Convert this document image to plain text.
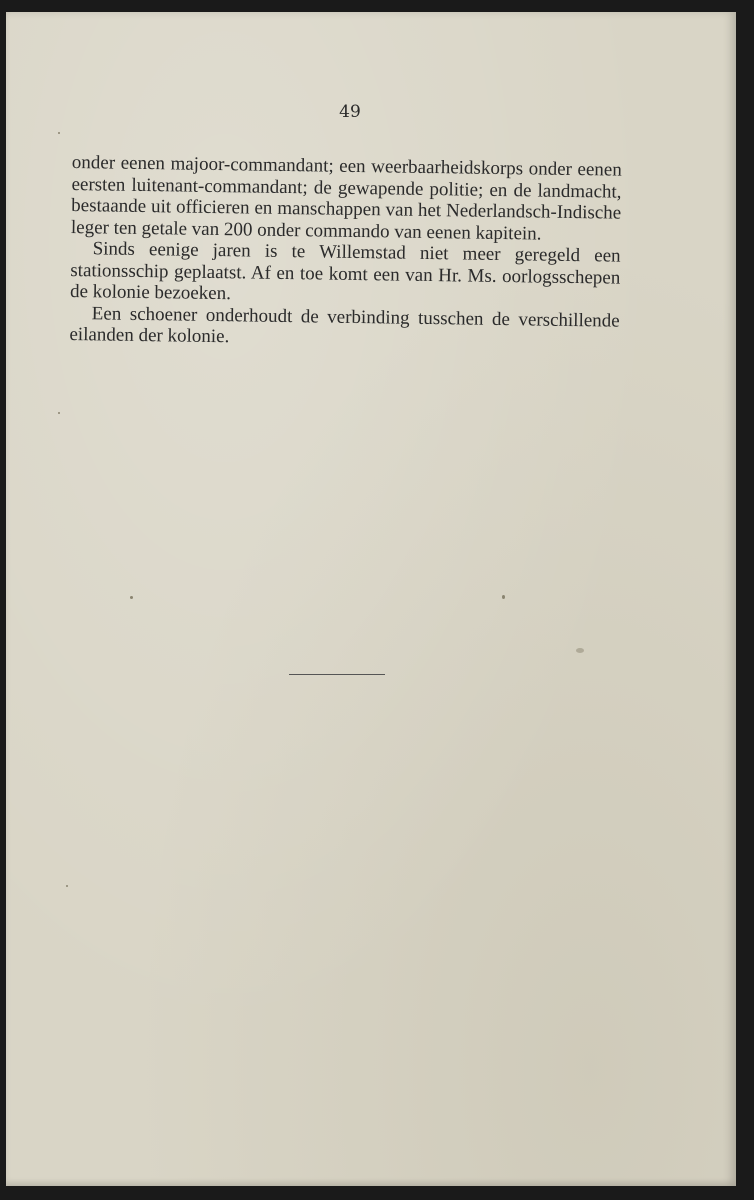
49

onder eenen majoor-commandant; een weerbaarheidskorps onder eenen eersten luitenant-commandant; de gewapende politie; en de landmacht, bestaande uit officieren en manschappen van het Nederlandsch-Indische leger ten getale van 200 onder commando van eenen kapitein.

Sinds eenige jaren is te Willemstad niet meer geregeld een stationsschip geplaatst. Af en toe komt een van Hr. Ms. oorlogsschepen de kolonie bezoeken.

Een schoener onderhoudt de verbinding tusschen de verschillende eilanden der kolonie.
